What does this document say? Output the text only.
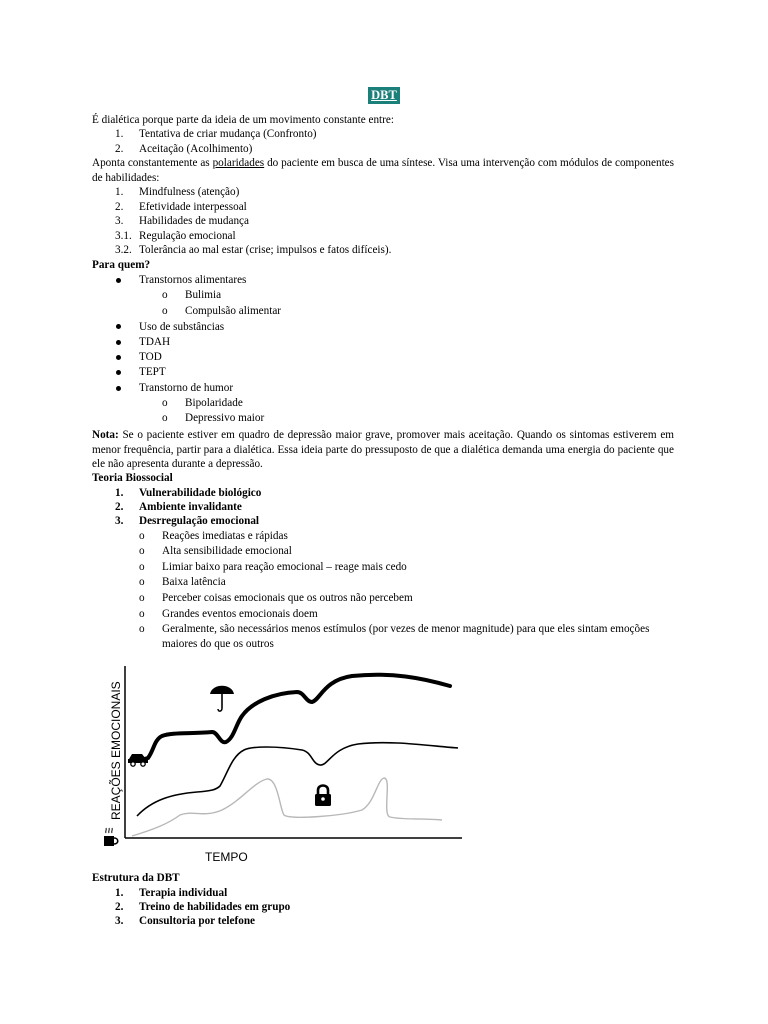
DBT
É dialética porque parte da ideia de um movimento constante entre:
1. Tentativa de criar mudança (Confronto)
2. Aceitação (Acolhimento)
Aponta constantemente as polaridades do paciente em busca de uma síntese. Visa uma intervenção com módulos de componentes de habilidades:
1. Mindfulness (atenção)
2. Efetividade interpessoal
3. Habilidades de mudança
3.1. Regulação emocional
3.2. Tolerância ao mal estar (crise; impulsos e fatos difíceis).
Para quem?
Transtornos alimentares
o Bulimia
o Compulsão alimentar
Uso de substâncias
TDAH
TOD
TEPT
Transtorno de humor
o Bipolaridade
o Depressivo maior
Nota: Se o paciente estiver em quadro de depressão maior grave, promover mais aceitação. Quando os sintomas estiverem em menor frequência, partir para a dialética. Essa ideia parte do pressuposto de que a dialética demanda uma energia do paciente que ele não apresenta durante a depressão.
Teoria Biossocial
1. Vulnerabilidade biológico
2. Ambiente invalidante
3. Desrregulação emocional
o Reações imediatas e rápidas
o Alta sensibilidade emocional
o Limiar baixo para reação emocional – reage mais cedo
o Baixa latência
o Perceber coisas emocionais que os outros não percebem
o Grandes eventos emocionais doem
o Geralmente, são necessários menos estímulos (por vezes de menor magnitude) para que eles sintam emoções
maiores do que os outros
REAÇÕES EMOCIONAIS
TEMPO
Estrutura da DBT
1. Terapia individual
2. Treino de habilidades em grupo
3. Consultoria por telefone
